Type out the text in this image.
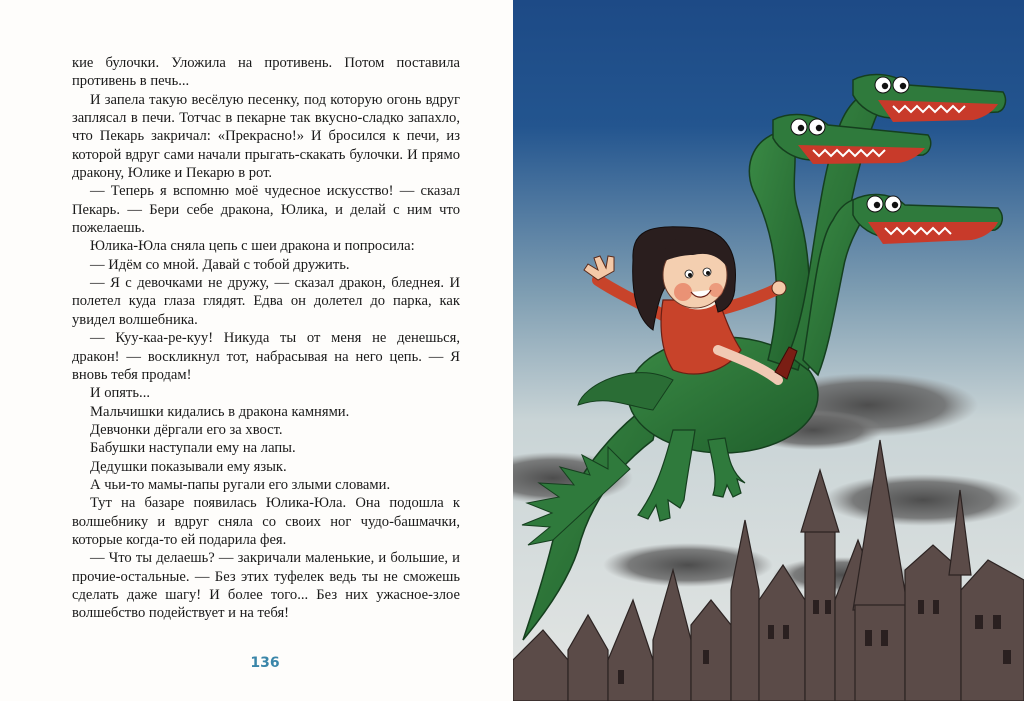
кие булочки. Уложила на противень. Потом поставила противень в печь...

И запела такую весёлую песенку, под которую огонь вдруг заплясал в печи. Тотчас в пекарне так вкусно-сладко запахло, что Пекарь закричал: «Прекрасно!» И бросился к печи, из которой вдруг сами начали прыгать-скакать булочки. И прямо дракону, Юлике и Пекарю в рот.

— Теперь я вспомню моё чудесное искусство! — сказал Пекарь. — Бери себе дракона, Юлика, и делай с ним что пожелаешь.

Юлика-Юла сняла цепь с шеи дракона и попросила:

— Идём со мной. Давай с тобой дружить.

— Я с девочками не дружу, — сказал дракон, бледнея. И полетел куда глаза глядят. Едва он долетел до парка, как увидел волшебника.

— Куу-каа-ре-куу! Никуда ты от меня не денешься, дракон! — воскликнул тот, набрасывая на него цепь. — Я вновь тебя продам!

И опять...

Мальчишки кидались в дракона камнями.

Девчонки дёргали его за хвост.

Бабушки наступали ему на лапы.

Дедушки показывали ему язык.

А чьи-то мамы-папы ругали его злыми словами.

Тут на базаре появилась Юлика-Юла. Она подошла к волшебнику и вдруг сняла со своих ног чудо-башмачки, которые когда-то ей подарила фея.

— Что ты делаешь? — закричали маленькие, и большие, и прочие-остальные. — Без этих туфелек ведь ты не сможешь сделать даже шагу! И более того... Без них ужасное-злое волшебство подействует и на тебя!

136
